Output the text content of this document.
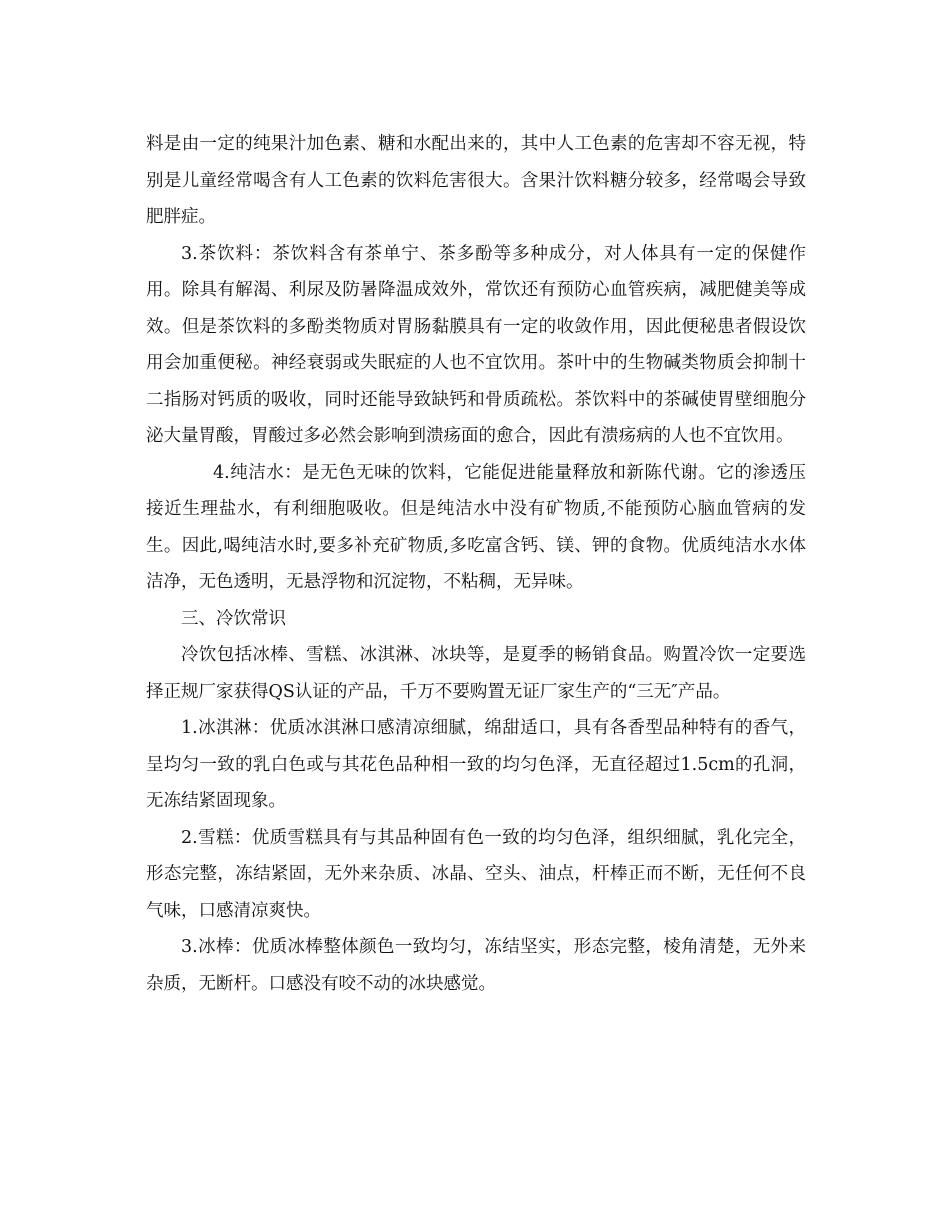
料是由一定的纯果汁加色素、糖和水配出来的，其中人工色素的危害却不容无视，特别是儿童经常喝含有人工色素的饮料危害很大。含果汁饮料糖分较多，经常喝会导致肥胖症。

3.茶饮料：茶饮料含有茶单宁、茶多酚等多种成分，对人体具有一定的保健作用。除具有解渴、利尿及防暑降温成效外，常饮还有预防心血管疾病，减肥健美等成效。但是茶饮料的多酚类物质对胃肠黏膜具有一定的收敛作用，因此便秘患者假设饮用会加重便秘。神经衰弱或失眠症的人也不宜饮用。茶叶中的生物碱类物质会抑制十二指肠对钙质的吸收，同时还能导致缺钙和骨质疏松。茶饮料中的茶碱使胃壁细胞分泌大量胃酸，胃酸过多必然会影响到溃疡面的愈合，因此有溃疡病的人也不宜饮用。

4.纯洁水：是无色无味的饮料，它能促进能量释放和新陈代谢。它的渗透压接近生理盐水，有利细胞吸收。但是纯洁水中没有矿物质,不能预防心脑血管病的发生。因此,喝纯洁水时,要多补充矿物质,多吃富含钙、镁、钾的食物。优质纯洁水水体洁净，无色透明，无悬浮物和沉淀物，不粘稠，无异味。

三、冷饮常识

冷饮包括冰棒、雪糕、冰淇淋、冰块等，是夏季的畅销食品。购置冷饮一定要选择正规厂家获得QS认证的产品，千万不要购置无证厂家生产的“三无″产品。

1.冰淇淋：优质冰淇淋口感清凉细腻，绵甜适口，具有各香型品种特有的香气，呈均匀一致的乳白色或与其花色品种相一致的均匀色泽，无直径超过1.5cm的孔洞，无冻结紧固现象。

2.雪糕：优质雪糕具有与其品种固有色一致的均匀色泽，组织细腻，乳化完全，形态完整，冻结紧固，无外来杂质、冰晶、空头、油点，杆棒正而不断，无任何不良气味，口感清凉爽快。

3.冰棒：优质冰棒整体颜色一致均匀，冻结坚实，形态完整，棱角清楚，无外来杂质，无断杆。口感没有咬不动的冰块感觉。
